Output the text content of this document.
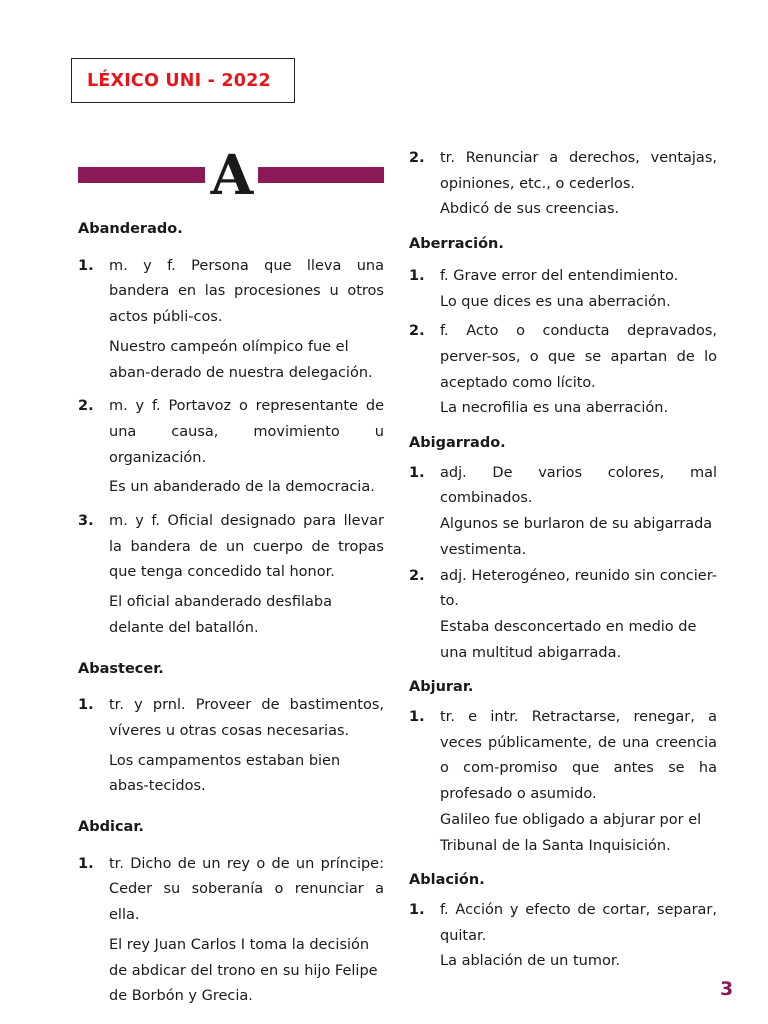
LÉXICO UNI - 2022
A
Abanderado.
1. m. y f. Persona que lleva una bandera en las procesiones u otros actos públi-cos.
Nuestro campeón olímpico fue el aban-derado de nuestra delegación.
2. m. y f. Portavoz o representante de una causa, movimiento u organización.
Es un abanderado de la democracia.
3. m. y f. Oficial designado para llevar la bandera de un cuerpo de tropas que tenga concedido tal honor.
El oficial abanderado desfilaba delante del batallón.
Abastecer.
1. tr. y prnl. Proveer de bastimentos, víveres u otras cosas necesarias.
Los campamentos estaban bien abas-tecidos.
Abdicar.
1. tr. Dicho de un rey o de un príncipe: Ceder su soberanía o renunciar a ella.
El rey Juan Carlos I toma la decisión de abdicar del trono en su hijo Felipe de Borbón y Grecia.
2. tr. Renunciar a derechos, ventajas, opiniones, etc., o cederlos.
Abdicó de sus creencias.
Aberración.
1. f. Grave error del entendimiento.
Lo que dices es una aberración.
2. f. Acto o conducta depravados, perver-sos, o que se apartan de lo aceptado como lícito.
La necrofilia es una aberración.
Abigarrado.
1. adj. De varios colores, mal combinados.
Algunos se burlaron de su abigarrada vestimenta.
2. adj. Heterogéneo, reunido sin concier-to.
Estaba desconcertado en medio de una multitud abigarrada.
Abjurar.
1. tr. e intr. Retractarse, renegar, a veces públicamente, de una creencia o com-promiso que antes se ha profesado o asumido.
Galileo fue obligado a abjurar por el Tribunal de la Santa Inquisición.
Ablación.
1. f. Acción y efecto de cortar, separar, quitar.
La ablación de un tumor.
3
